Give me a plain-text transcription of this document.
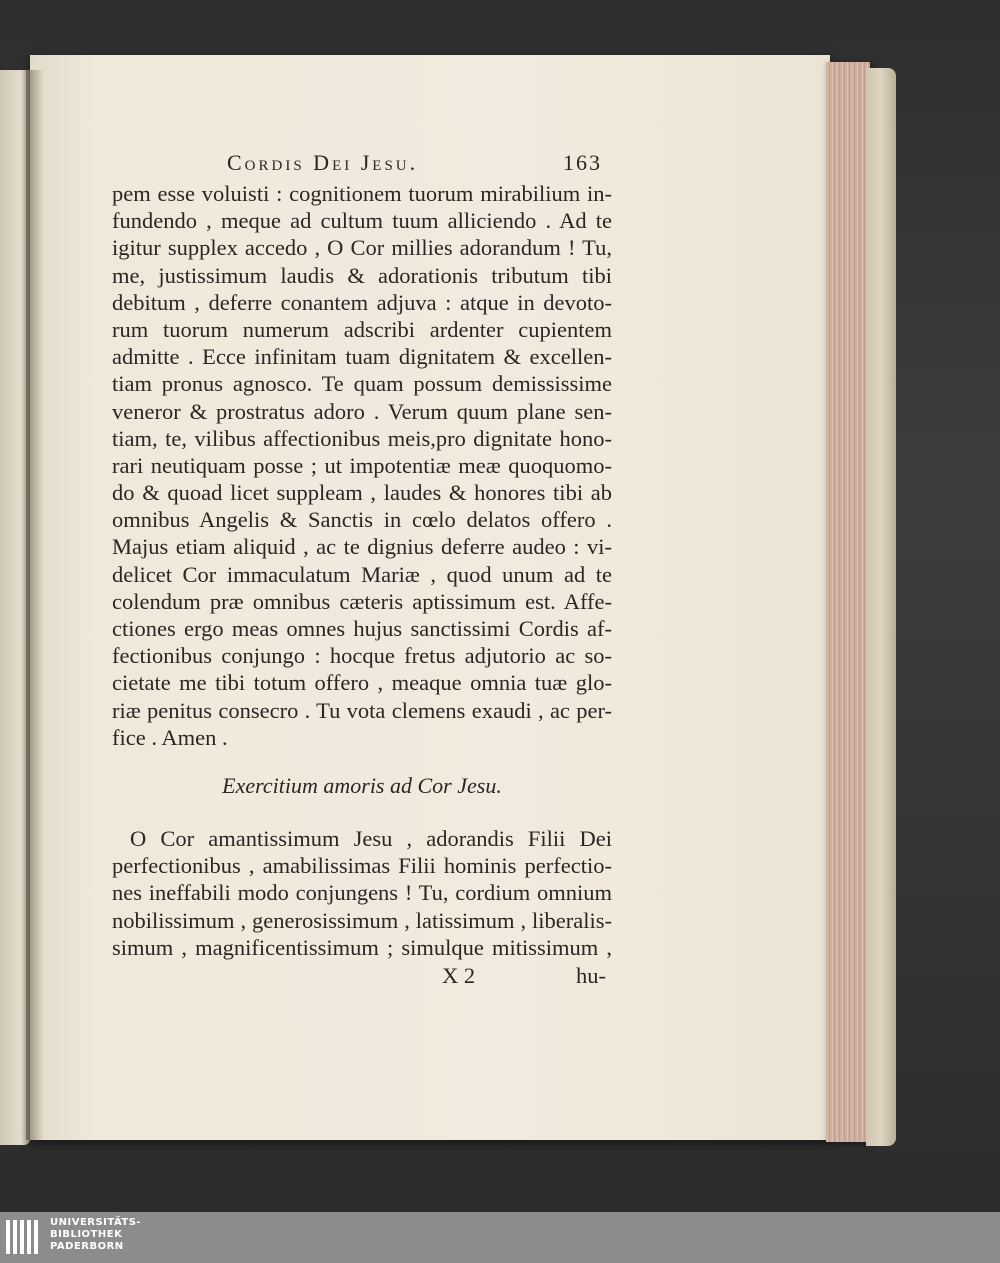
Cordis Dei Jesu.	163
pem esse voluisti : cognitionem tuorum mirabilium in-
fundendo , meque ad cultum tuum alliciendo . Ad te
igitur supplex accedo , O Cor millies adorandum ! Tu,
me, justissimum laudis & adorationis tributum tibi
debitum , deferre conantem adjuva : atque in devoto-
rum tuorum numerum adscribi ardenter cupientem
admitte . Ecce infinitam tuam dignitatem & excellen-
tiam pronus agnosco. Te quam possum demississime
veneror & prostratus adoro . Verum quum plane sen-
tiam, te, vilibus affectionibus meis,pro dignitate hono-
rari neutiquam posse ; ut impotentiæ meæ quoquomo-
do & quoad licet suppleam , laudes & honores tibi ab
omnibus Angelis & Sanctis in cœlo delatos offero .
Majus etiam aliquid , ac te dignius deferre audeo : vi-
delicet Cor immaculatum Mariæ , quod unum ad te
colendum præ omnibus cæteris aptissimum est. Affe-
ctiones ergo meas omnes hujus sanctissimi Cordis af-
fectionibus conjungo : hocque fretus adjutorio ac so-
cietate me tibi totum offero , meaque omnia tuæ glo-
riæ penitus consecro . Tu vota clemens exaudi , ac per-
fice . Amen .
Exercitium amoris ad Cor Jesu.
O Cor amantissimum Jesu , adorandis Filii Dei
perfectionibus , amabilissimas Filii hominis perfectio-
nes ineffabili modo conjungens ! Tu, cordium omnium
nobilissimum , generosissimum , latissimum , liberalis-
simum , magnificentissimum ; simulque mitissimum ,
X 2	hu-
UNIVERSITÄTS-
BIBLIOTHEK
PADERBORN
